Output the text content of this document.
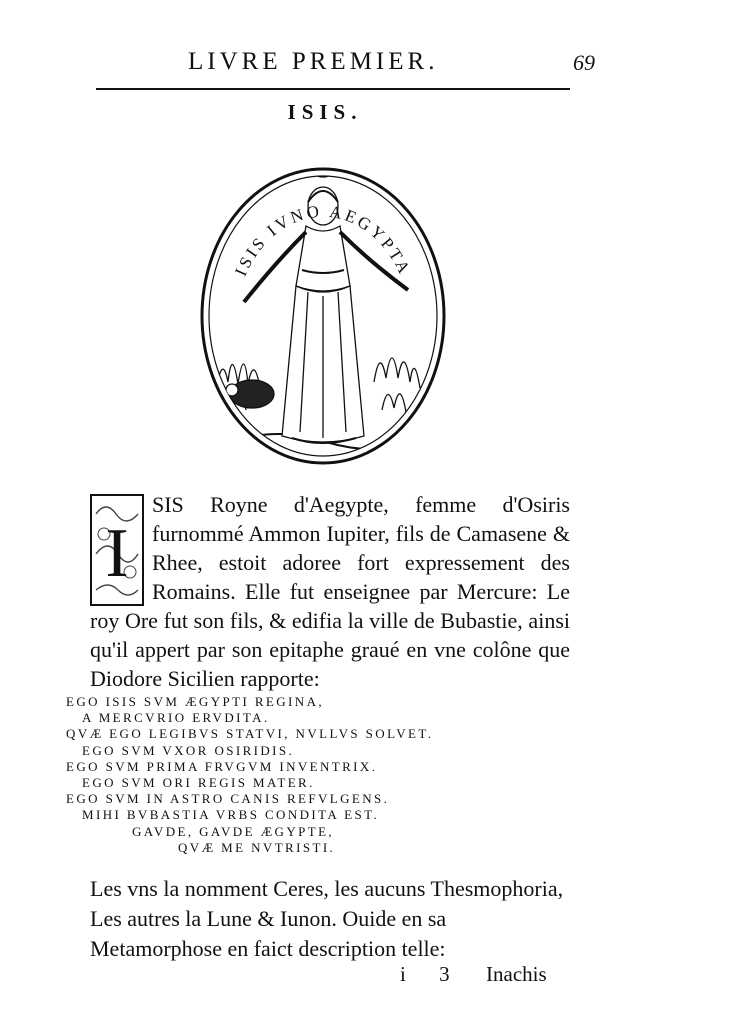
LIVRE PREMIER.	69
ISIS.
ISIS IVNO AEGYPTA
I

SIS Royne d'Aegypte, femme d'Osiris furnommé Ammon Iupiter, fils de Camasene & Rhee, estoit adoree fort expressement des Romains. Elle fut enseignee par Mercure: Le roy Ore fut son fils, & edifia la ville de Bubastie, ainsi qu'il appert par son epitaphe graué en vne colône que Diodore Sicilien rapporte:

EGO ISIS SVM ÆGYPTI REGINA,
A MERCVRIO ERVDITA.
QVÆ EGO LEGIBVS STATVI, NVLLVS SOLVET.
EGO SVM VXOR OSIRIDIS.
EGO SVM PRIMA FRVGVM INVENTRIX.
EGO SVM ORI REGIS MATER.
EGO SVM IN ASTRO CANIS REFVLGENS.
MIHI BVBASTIA VRBS CONDITA EST.
GAVDE, GAVDE ÆGYPTE,
QVÆ ME NVTRISTI.

Les vns la nomment Ceres, les aucuns Thesmophoria, Les autres la Lune & Iunon. Ouide en sa Metamorphose en faict description telle:

i 3 Inachis
